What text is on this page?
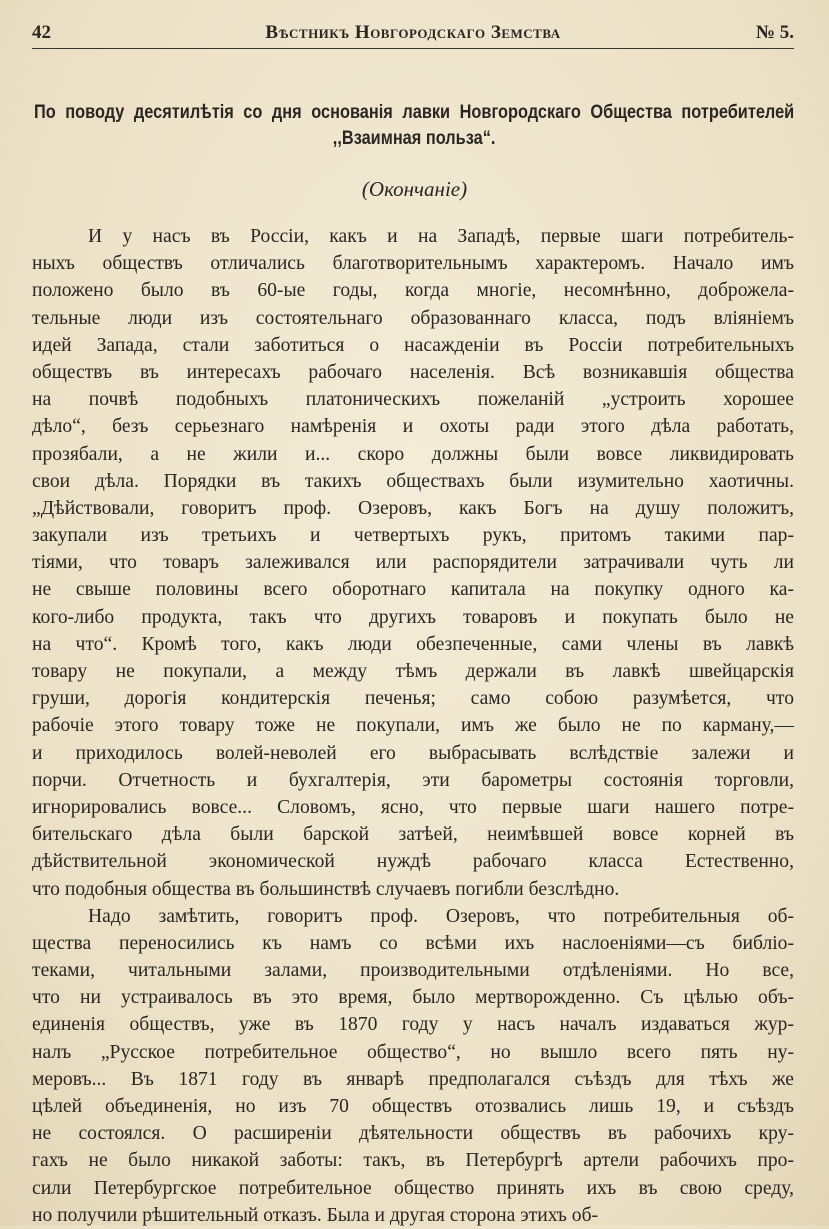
42	Вѣстникъ Новгородскаго Земства	№ 5.
По поводу десятилѣтія со дня основанія лавки Новгородскаго Общества потребителей
,,Взаимная польза“.
(Окончаніе)
И у насъ въ Россіи, какъ и на Западѣ, первые шаги потребитель-
ныхъ обществъ отличались благотворительнымъ характеромъ. Начало имъ
положено было въ 60-ые годы, когда многіе, несомнѣнно, доброжела-
тельные люди изъ состоятельнаго образованнаго класса, подъ вліяніемъ
идей Запада, стали заботиться о насажденіи въ Россіи потребительныхъ
обществъ въ интересахъ рабочаго населенія. Всѣ возникавшія общества
на почвѣ подобныхъ платоническихъ пожеланій „устроить хорошее
дѣло“, безъ серьезнаго намѣренія и охоты ради этого дѣла работать,
прозябали, а не жили и... скоро должны были вовсе ликвидировать
свои дѣла. Порядки въ такихъ обществахъ были изумительно хаотичны.
„Дѣйствовали, говоритъ проф. Озеровъ, какъ Богъ на душу положитъ,
закупали изъ третьихъ и четвертыхъ рукъ, притомъ такими пар-
тіями, что товаръ залеживался или распорядители затрачивали чуть ли
не свыше половины всего оборотнаго капитала на покупку одного ка-
кого-либо продукта, такъ что другихъ товаровъ и покупать было не
на что“. Кромѣ того, какъ люди обезпеченные, сами члены въ лавкѣ
товару не покупали, а между тѣмъ держали въ лавкѣ швейцарскія
груши, дорогія кондитерскія печенья; само собою разумѣется, что
рабочіе этого товару тоже не покупали, имъ же было не по карману,—
и приходилось волей-неволей его выбрасывать вслѣдствіе залежи и
порчи. Отчетность и бухгалтерія, эти барометры состоянія торговли,
игнорировались вовсе... Словомъ, ясно, что первые шаги нашего потре-
бительскаго дѣла были барской затѣей, неимѣвшей вовсе корней въ
дѣйствительной экономической нуждѣ рабочаго класса Естественно,
что подобныя общества въ большинствѣ случаевъ погибли безслѣдно.
Надо замѣтить, говоритъ проф. Озеровъ, что потребительныя об-
щества переносились къ намъ со всѣми ихъ наслоеніями—съ библіо-
теками, читальными залами, производительными отдѣленіями. Но все,
что ни устраивалось въ это время, было мертворожденно. Съ цѣлью объ-
единенія обществъ, уже въ 1870 году у насъ началъ издаваться жур-
налъ „Русское потребительное общество“, но вышло всего пять ну-
меровъ... Въ 1871 году въ январѣ предполагался съѣздъ для тѣхъ же
цѣлей объединенія, но изъ 70 обществъ отозвались лишь 19, и съѣздъ
не состоялся. О расширеніи дѣятельности обществъ въ рабочихъ кру-
гахъ не было никакой заботы: такъ, въ Петербургѣ артели рабочихъ про-
сили Петербургское потребительное общество принять ихъ въ свою среду,
но получили рѣшительный отказъ. Была и другая сторона этихъ об-
